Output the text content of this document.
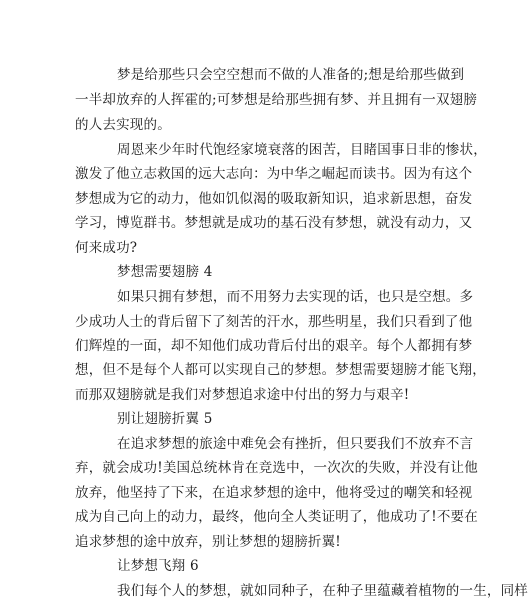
梦是给那些只会空空想而不做的人准备的;想是给那些做到
一半却放弃的人挥霍的;可梦想是给那些拥有梦、并且拥有一双翅膀
的人去实现的。
周恩来少年时代饱经家境衰落的困苦，目睹国事日非的惨状，
激发了他立志救国的远大志向：为中华之崛起而读书。因为有这个
梦想成为它的动力，他如饥似渴的吸取新知识，追求新思想，奋发
学习，博览群书。梦想就是成功的基石没有梦想，就没有动力，又
何来成功?
梦想需要翅膀 4
如果只拥有梦想，而不用努力去实现的话，也只是空想。多
少成功人士的背后留下了刻苦的汗水，那些明星，我们只看到了他
们辉煌的一面，却不知他们成功背后付出的艰辛。每个人都拥有梦
想，但不是每个人都可以实现自己的梦想。梦想需要翅膀才能飞翔，
而那双翅膀就是我们对梦想追求途中付出的努力与艰辛!
别让翅膀折翼 5
在追求梦想的旅途中难免会有挫折，但只要我们不放弃不言
弃，就会成功!美国总统林肯在竞选中，一次次的失败，并没有让他
放弃，他坚持了下来，在追求梦想的途中，他将受过的嘲笑和轻视
成为自己向上的动力，最终，他向全人类证明了，他成功了!不要在
追求梦想的途中放弃，别让梦想的翅膀折翼!
让梦想飞翔 6
我们每个人的梦想，就如同种子，在种子里蕴藏着植物的一生，同样
